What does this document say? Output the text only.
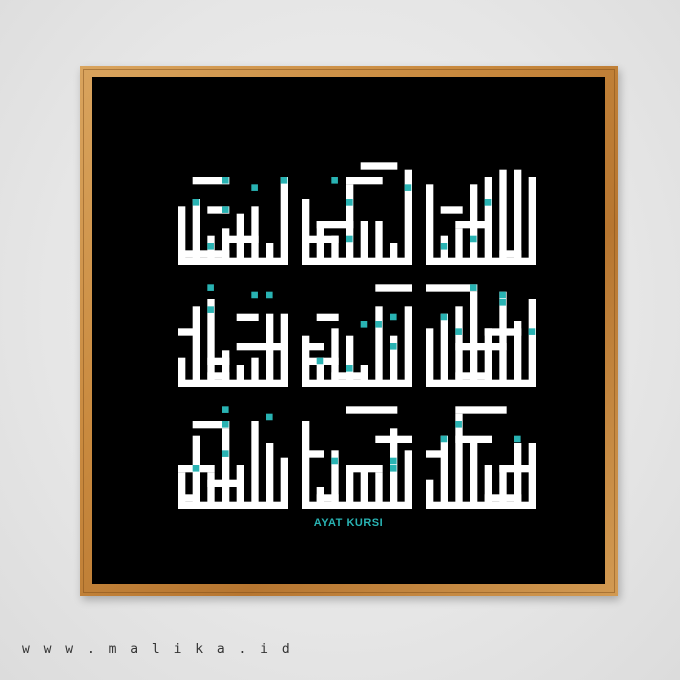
AYAT KURSI
w w w . m a l i k a . i d
